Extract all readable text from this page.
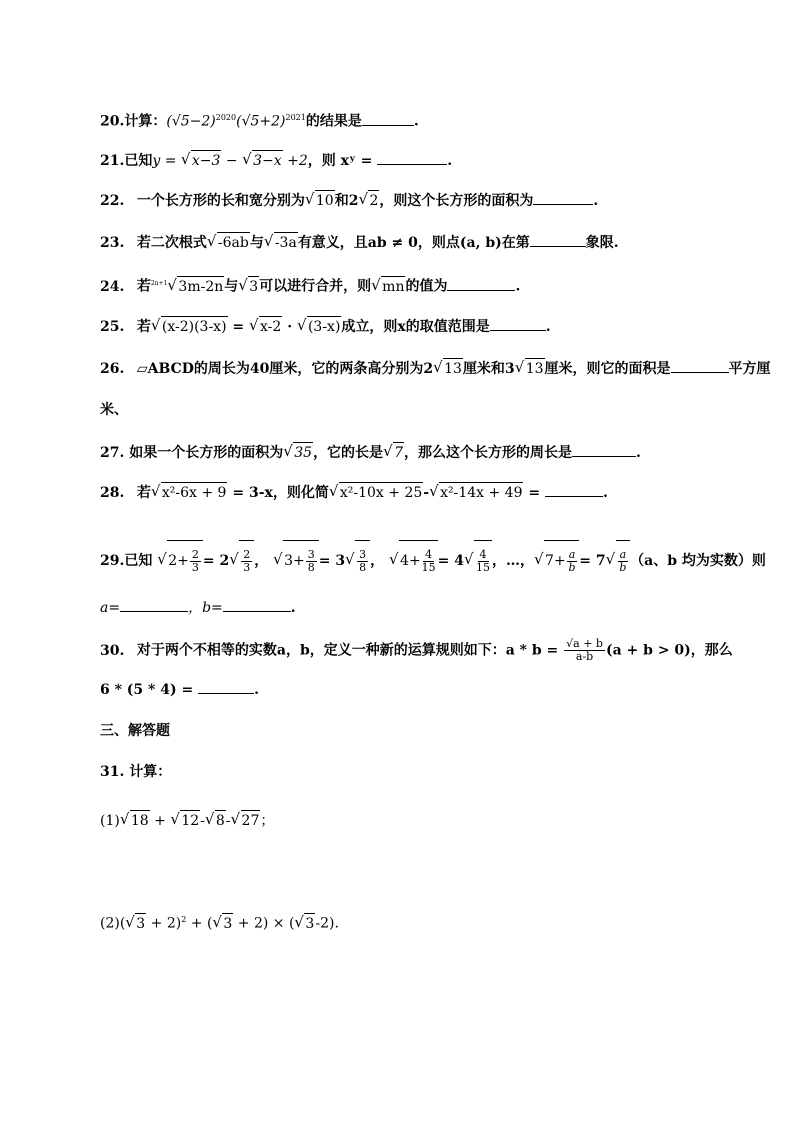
20.计算：$(√5-2)^{2020}(√5+2)^{2021}$的结果是	.
21.已知y = √ x−3 − √ 3−x +2，则 xʸ =	.
22. 一个长方形的长和宽分别为 √ 10和2 √ 2，则这个长方形的面积为	.
23. 若二次根式 √ -6ab与 √ -3a有意义，且ab ≠ 0，则点(a, b)在第	象限.
24. 若$^{2n+1}$ √ 3m-2n与 √ 3可以进行合并，则 √ mn的值为	.
25. 若 √ (x-2)(3-x) = √ x-2 · √ (3-x)成立，则x的取值范围是	.
26. ▱ABCD的周长为40厘米，它的两条高分别为2 √ 13厘米和3 √ 13厘米，则它的面积是	平方厘
米、
27. 如果一个长方形的面积为 √ 35，它的长是 √ 7，那么这个长方形的周长是	.
28. 若 √ x²-6x + 9 = 3-x，则化简 √ x²-10x + 25- √ x²-14x + 49 =	.
29.已知 √ $2+ \frac{2}{3} = 2$ √ $\frac{2}{3}$ ， √ $3+ \frac{3}{8} = 3$ √ $\frac{3}{8}$ ， √ $4+ \frac{4}{15} = 4$ √ $\frac{4}{15}$ ，…， √ $7+ \frac{a}{b} = 7$ √ $\frac{a}{b} (a$、b 均为实数）则
a=	，b=	.
30. 对于两个不相等的实数a，b，定义一种新的运算规则如下：$a * b = \frac{√a + b}{a-b} (a + b > 0)$，那么
6 * (5 * 4) =	.
三、解答题
31. 计算：
(1) √ 18 + √ 12- √ 8- √ 27；
(2)( √ 3 + 2)$^2$ + ( √ 3 + 2) × ( √ 3-2).
